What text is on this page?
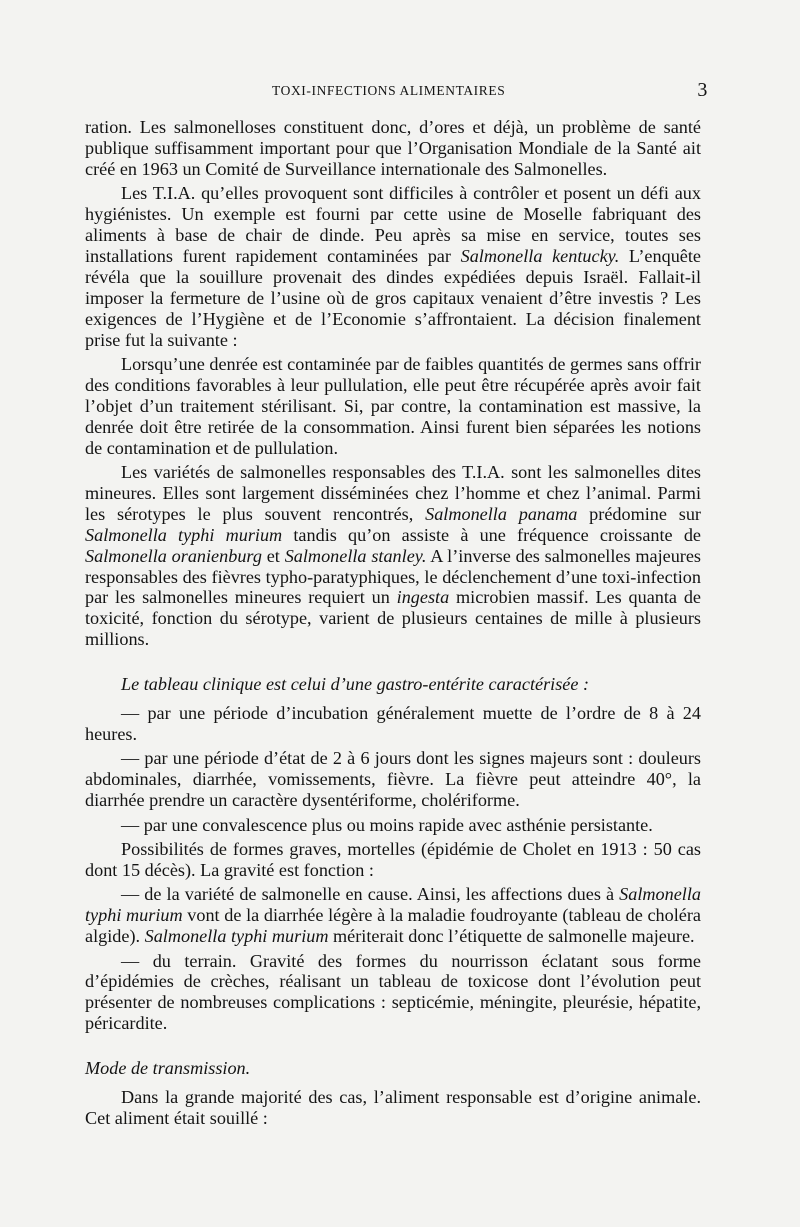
TOXI-INFECTIONS ALIMENTAIRES	3

ration. Les salmonelloses constituent donc, d’ores et déjà, un problème de santé publique suffisamment important pour que l’Organisation Mondiale de la Santé ait créé en 1963 un Comité de Surveillance internationale des Salmonelles.

Les T.I.A. qu’elles provoquent sont difficiles à contrôler et posent un défi aux hygiénistes. Un exemple est fourni par cette usine de Moselle fabriquant des aliments à base de chair de dinde. Peu après sa mise en service, toutes ses installations furent rapidement contaminées par Salmonella kentucky. L’enquête révéla que la souillure provenait des dindes expédiées depuis Israël. Fallait-il imposer la fermeture de l’usine où de gros capitaux venaient d’être investis ? Les exigences de l’Hygiène et de l’Economie s’affrontaient. La décision finalement prise fut la suivante :

Lorsqu’une denrée est contaminée par de faibles quantités de germes sans offrir des conditions favorables à leur pullulation, elle peut être récupérée après avoir fait l’objet d’un traitement stérilisant. Si, par contre, la contamination est massive, la denrée doit être retirée de la consommation. Ainsi furent bien séparées les notions de contamination et de pullulation.

Les variétés de salmonelles responsables des T.I.A. sont les salmonelles dites mineures. Elles sont largement disséminées chez l’homme et chez l’animal. Parmi les sérotypes le plus souvent rencontrés, Salmonella panama prédomine sur Salmonella typhi murium tandis qu’on assiste à une fréquence croissante de Salmonella oranienburg et Salmonella stanley. A l’inverse des salmonelles majeures responsables des fièvres typho-paratyphiques, le déclenchement d’une toxi-infection par les salmonelles mineures requiert un ingesta microbien massif. Les quanta de toxicité, fonction du sérotype, varient de plusieurs centaines de mille à plusieurs millions.

Le tableau clinique est celui d’une gastro-entérite caractérisée :

— par une période d’incubation généralement muette de l’ordre de 8 à 24 heures.

— par une période d’état de 2 à 6 jours dont les signes majeurs sont : douleurs abdominales, diarrhée, vomissements, fièvre. La fièvre peut atteindre 40°, la diarrhée prendre un caractère dysentériforme, cholériforme.

— par une convalescence plus ou moins rapide avec asthénie persistante.

Possibilités de formes graves, mortelles (épidémie de Cholet en 1913 : 50 cas dont 15 décès). La gravité est fonction :

— de la variété de salmonelle en cause. Ainsi, les affections dues à Salmonella typhi murium vont de la diarrhée légère à la maladie foudroyante (tableau de choléra algide). Salmonella typhi murium mériterait donc l’étiquette de salmonelle majeure.

— du terrain. Gravité des formes du nourrisson éclatant sous forme d’épidémies de crèches, réalisant un tableau de toxicose dont l’évolution peut présenter de nombreuses complications : septicémie, méningite, pleurésie, hépatite, péricardite.

Mode de transmission.

Dans la grande majorité des cas, l’aliment responsable est d’origine animale. Cet aliment était souillé :
